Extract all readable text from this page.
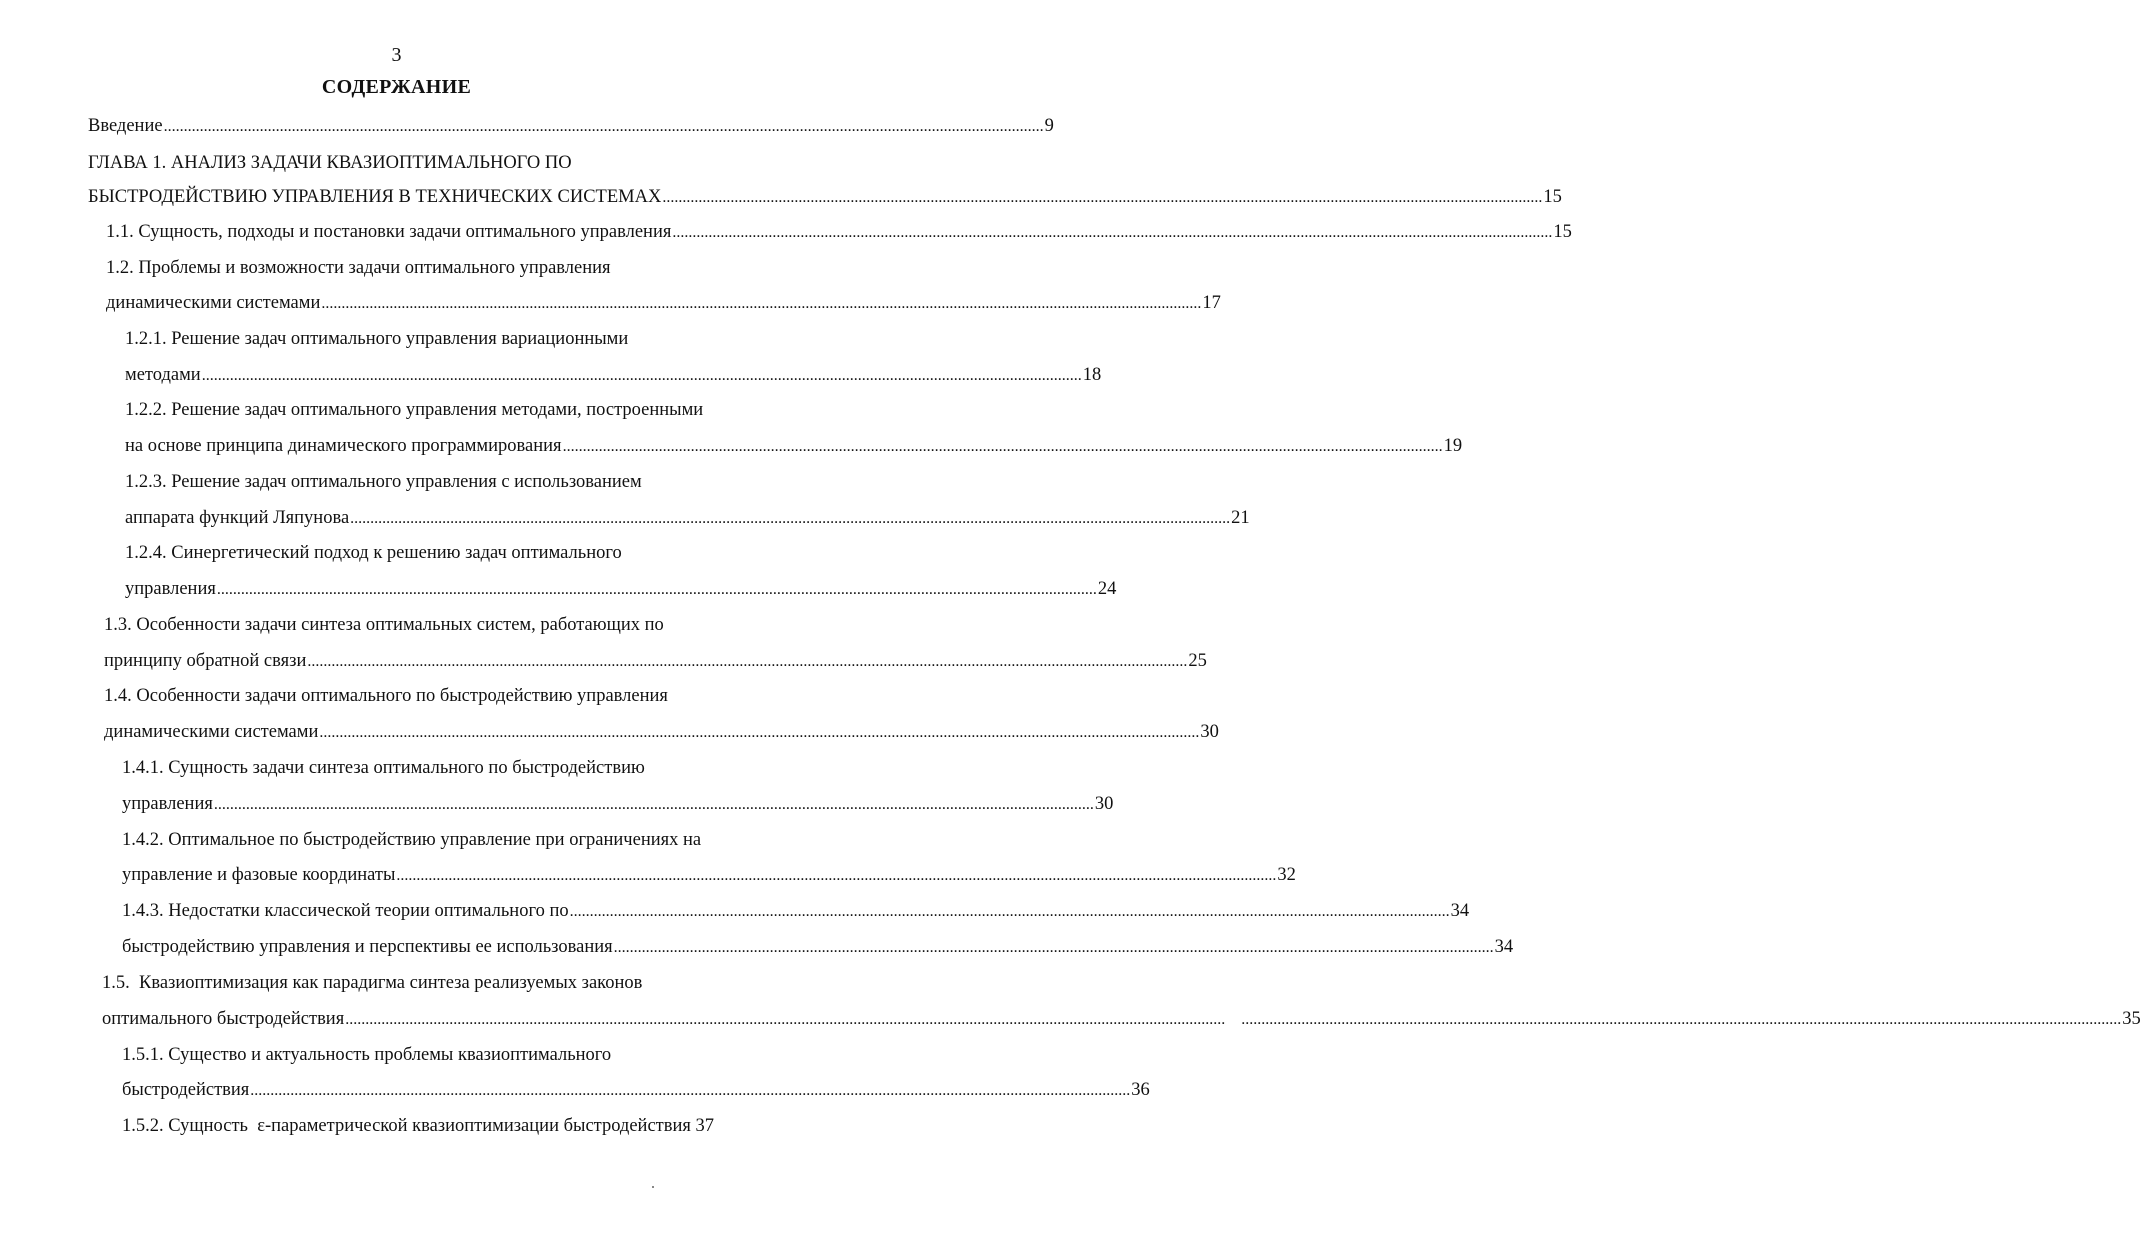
3
СОДЕРЖАНИЕ
Введение ............................................................................................................................................................................................................................ 9
ГЛАВА 1. АНАЛИЗ ЗАДАЧИ КВАЗИОПТИМАЛЬНОГО ПО
БЫСТРОДЕЙСТВИЮ УПРАВЛЕНИЯ В ТЕХНИЧЕСКИХ СИСТЕМАХ ............................................................................................................................................................................................................................ 15
1.1. Сущность, подходы и постановки задачи оптимального управления ............................................................................................................................................................................................................................ 15
1.2. Проблемы и возможности задачи оптимального управления
динамическими системами ............................................................................................................................................................................................................................ 17
1.2.1. Решение задач оптимального управления вариационными
методами ............................................................................................................................................................................................................................ 18
1.2.2. Решение задач оптимального управления методами, построенными
на основе принципа динамического программирования ............................................................................................................................................................................................................................ 19
1.2.3. Решение задач оптимального управления с использованием
аппарата функций Ляпунова ............................................................................................................................................................................................................................ 21
1.2.4. Синергетический подход к решению задач оптимального
управления ............................................................................................................................................................................................................................ 24
1.3. Особенности задачи синтеза оптимальных систем, работающих по
принципу обратной связи ............................................................................................................................................................................................................................ 25
1.4. Особенности задачи оптимального по быстродействию управления
динамическими системами ............................................................................................................................................................................................................................ 30
1.4.1. Сущность задачи синтеза оптимального по быстродействию
управления ............................................................................................................................................................................................................................ 30
1.4.2. Оптимальное по быстродействию управление при ограничениях на
управление и фазовые координаты ............................................................................................................................................................................................................................ 32
1.4.3. Недостатки классической теории оптимального по ............................................................................................................................................................................................................................ 34
быстродействию управления и перспективы ее использования ............................................................................................................................................................................................................................ 34
1.5.  Квазиоптимизация как парадигма синтеза реализуемых законов
оптимального быстродействия ............................................................................................................................................................................................................................ ............................................................................................................................................................................................................................ 35
1.5.1. Существо и актуальность проблемы квазиоптимального
быстродействия ............................................................................................................................................................................................................................ 36
1.5.2. Сущность  ε-параметрической квазиоптимизации быстродействия 37
